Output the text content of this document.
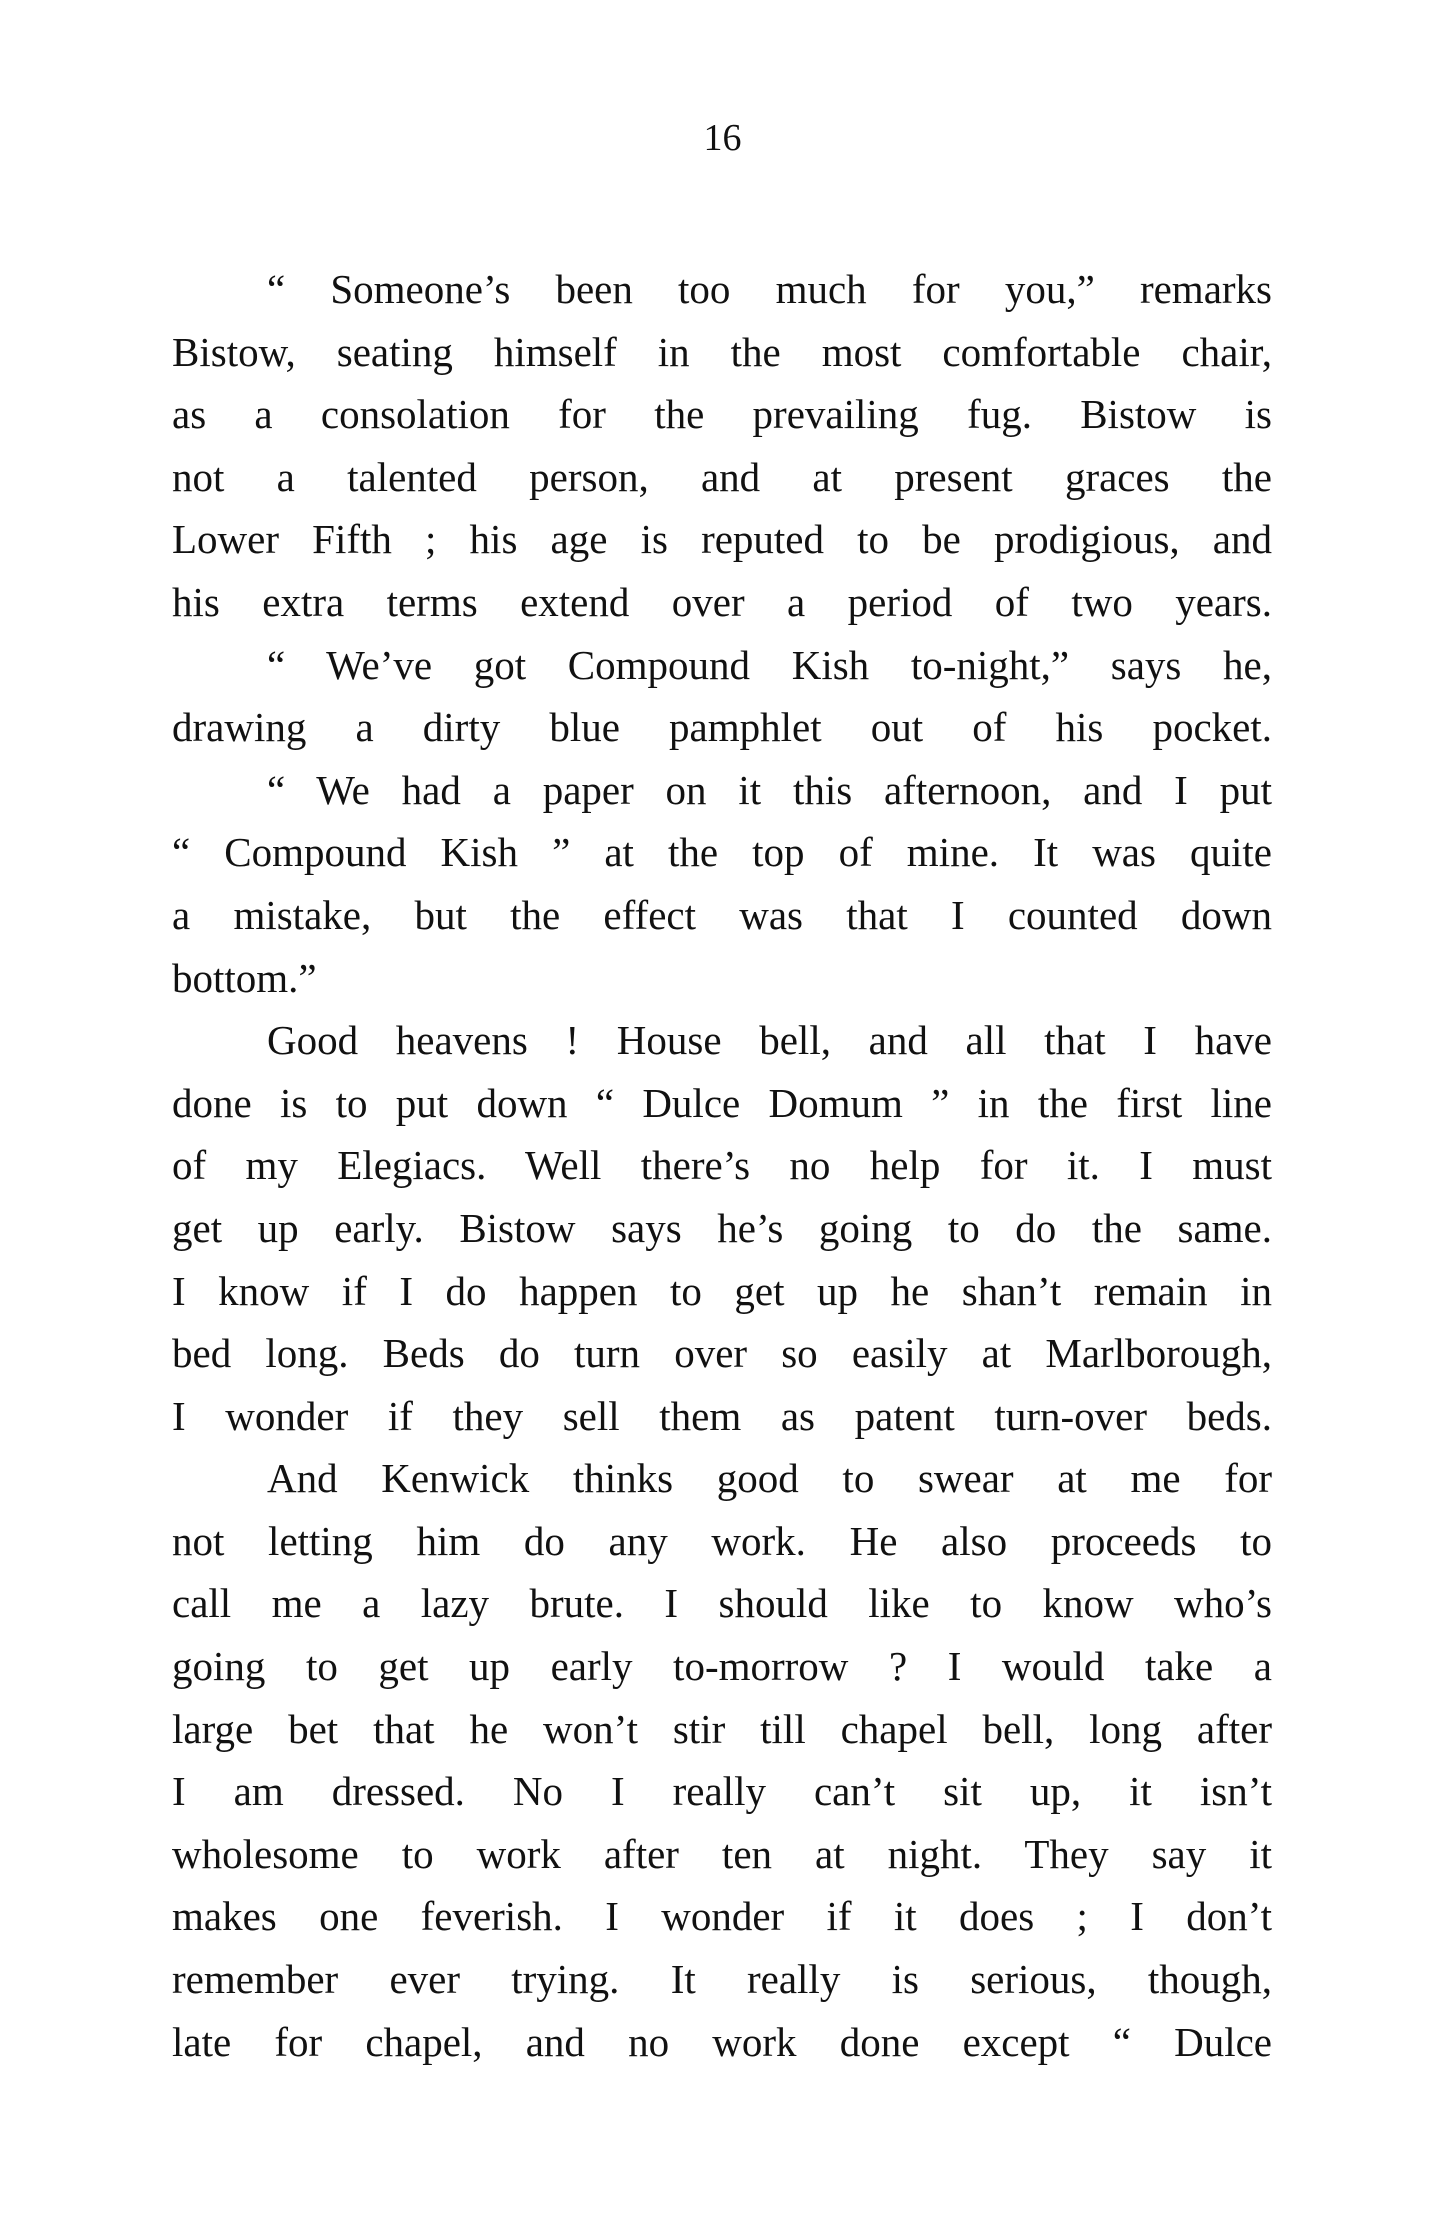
16
“ Someone’s been too much for you,” remarks
Bistow, seating himself in the most comfortable chair,
as a consolation for the prevailing fug. Bistow is
not a talented person, and at present graces the
Lower Fifth ; his age is reputed to be prodigious, and
his extra terms extend over a period of two years.
“ We’ve got Compound Kish to-night,” says he,
drawing a dirty blue pamphlet out of his pocket.
“ We had a paper on it this afternoon, and I put
“ Compound Kish ” at the top of mine. It was quite
a mistake, but the effect was that I counted down
bottom.”
Good heavens ! House bell, and all that I have
done is to put down “ Dulce Domum ” in the first line
of my Elegiacs. Well there’s no help for it. I must
get up early. Bistow says he’s going to do the same.
I know if I do happen to get up he shan’t remain in
bed long. Beds do turn over so easily at Marlborough,
I wonder if they sell them as patent turn-over beds.
And Kenwick thinks good to swear at me for
not letting him do any work. He also proceeds to
call me a lazy brute. I should like to know who’s
going to get up early to-morrow ? I would take a
large bet that he won’t stir till chapel bell, long after
I am dressed. No I really can’t sit up, it isn’t
wholesome to work after ten at night. They say it
makes one feverish. I wonder if it does ; I don’t
remember ever trying. It really is serious, though,
late for chapel, and no work done except “ Dulce
